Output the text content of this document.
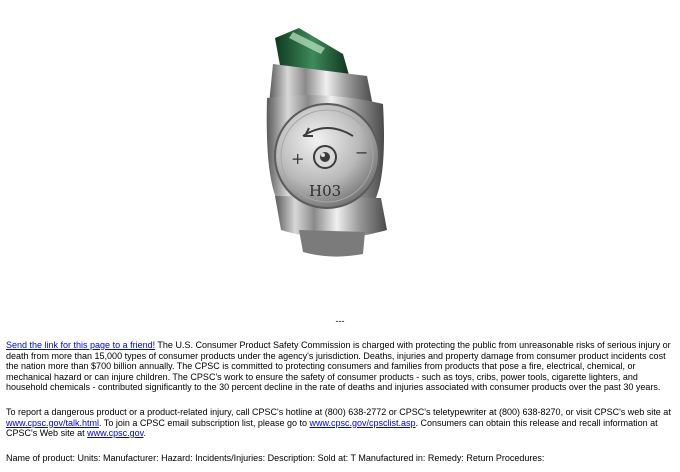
+	−
H03
---

Send the link for this page to a friend! The U.S. Consumer Product Safety Commission is charged with protecting the public from unreasonable risks of serious injury or death from more than 15,000 types of consumer products under the agency's jurisdiction. Deaths, injuries and property damage from consumer product incidents cost the nation more than $700 billion annually. The CPSC is committed to protecting consumers and families from products that pose a fire, electrical, chemical, or mechanical hazard or can injure children. The CPSC's work to ensure the safety of consumer products - such as toys, cribs, power tools, cigarette lighters, and household chemicals - contributed significantly to the 30 percent decline in the rate of deaths and injuries associated with consumer products over the past 30 years.

To report a dangerous product or a product-related injury, call CPSC's hotline at (800) 638-2772 or CPSC's teletypewriter at (800) 638-8270, or visit CPSC's web site at www.cpsc.gov/talk.html. To join a CPSC email subscription list, please go to www.cpsc.gov/cpsclist.asp. Consumers can obtain this release and recall information at CPSC's Web site at www.cpsc.gov.

Name of product: Units: Manufacturer: Hazard: Incidents/Injuries: Description: Sold at: T Manufactured in: Remedy: Return Procedures:
